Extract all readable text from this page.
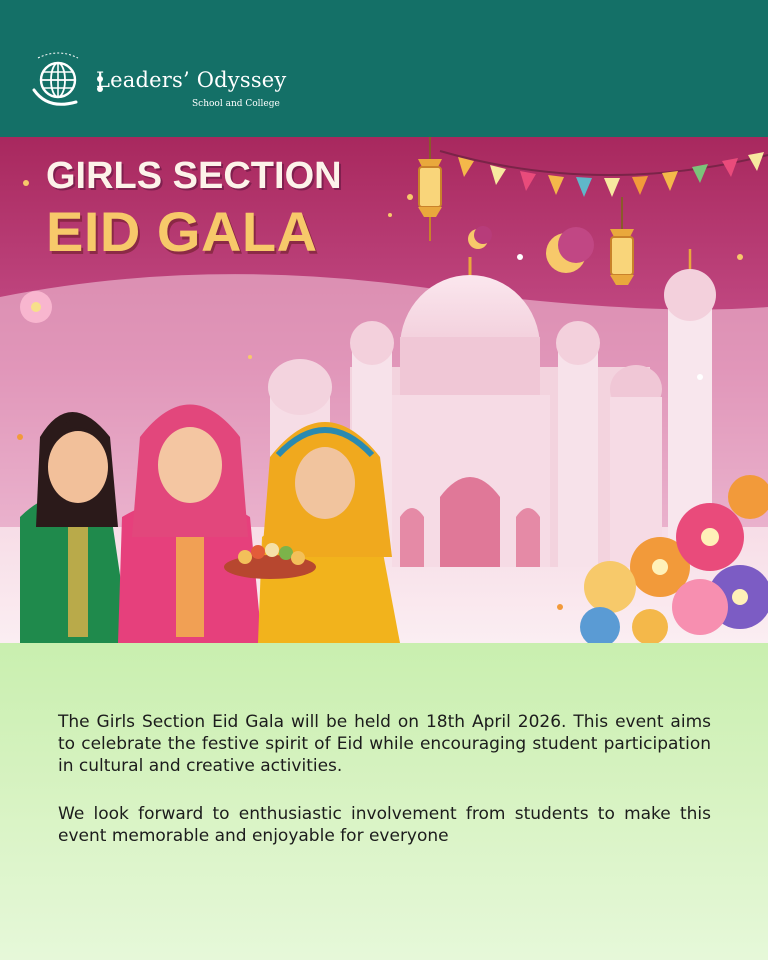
Leaders’ Odyssey
School and College
GIRLS SECTION
EID GALA

The Girls Section Eid Gala will be held on 18th April 2026. This event aims to celebrate the festive spirit of Eid while encouraging student participation in cultural and creative activities.

We look forward to enthusiastic involvement from students to make this event memorable and enjoyable for everyone
